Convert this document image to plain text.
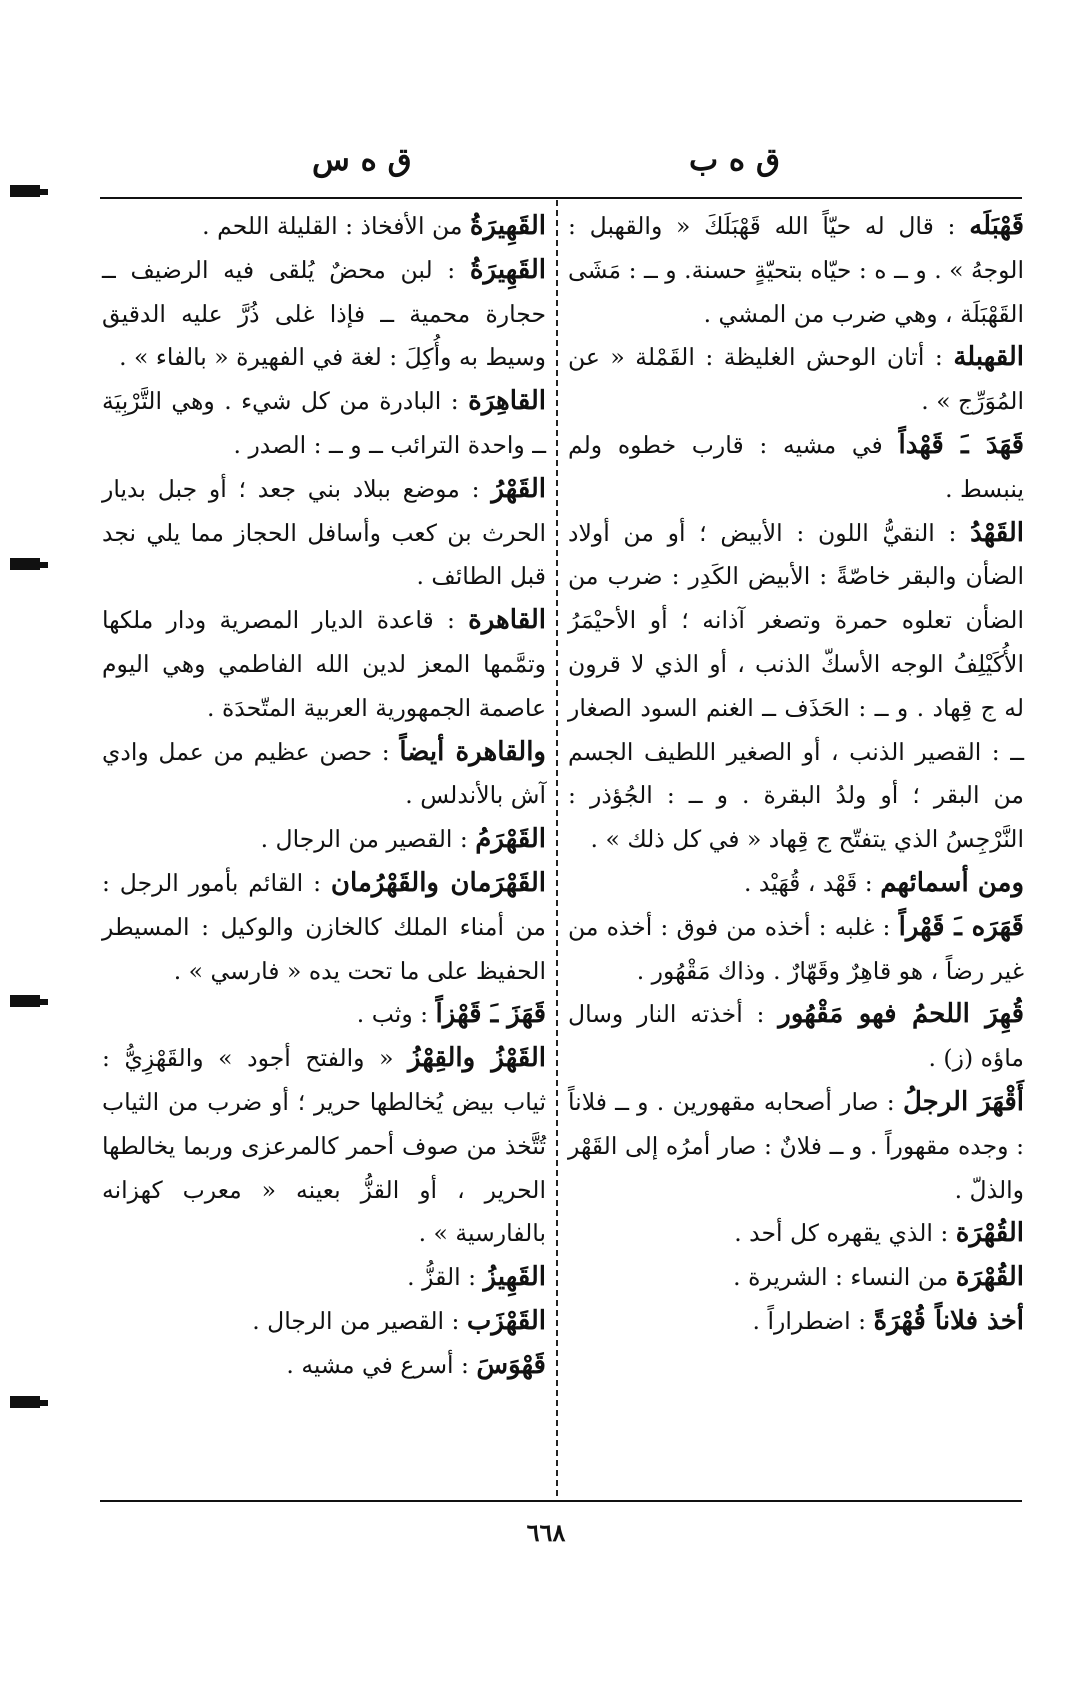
ق ه ب
ق ه س

قَهْبَلَه : قال له حيّاً الله قَهْبَلَكَ « والقهبل : الوجهُ » . و ــ ه : حيّاه بتحيّةٍ حسنة. و ــ : مَشَى القَهْبَلَة ، وهي ضرب من المشي .

القهبلة : أتان الوحش الغليظة : القَمْلة « عن المُوَرِّج » .

قَهَدَ ـَ قَهْداً في مشيه : قارب خطوه ولم ينبسط .

القَهْدُ : النقيُّ اللون : الأبيض ؛ أو من أولاد الضأن والبقر خاصّةً : الأبيض الكَدِر : ضرب من الضأن تعلوه حمرة وتصغر آذانه ؛ أو الأحيْمَرُ الأُكَيْلِفُ الوجه الأسكّ الذنب ، أو الذي لا قرون له ج قِهاد . و ــ : الحَذَف ــ الغنم السود الصغار ــ : القصير الذنب ، أو الصغير اللطيف الجسم من البقر ؛ أو ولدُ البقرة . و ــ : الجُؤذر : النَّرْجِسُ الذي يتفتّح ج قِهاد « في كل ذلك » .

ومن أسمائهم : قَهْد ، قُهَيْد .

قَهَرَه ـَ قَهْراً : غلبه : أخذه من فوق : أخذه من غير رضاً ، هو قاهِرٌ وقَهّارٌ . وذاك مَقْهُور .

قُهِرَ اللحمُ فهو مَقْهُور : أخذته النار وسال ماؤه (ز) .

أَقْهَرَ الرجلُ : صار أصحابه مقهورين . و ــ فلاناً : وجده مقهوراً . و ــ فلانٌ : صار أمرُه إلى القَهْر والذلّ .

القُهْرَة : الذي يقهره كل أحد .

القُهْرَة من النساء : الشريرة .

أخذ فلاناً قُهْرَةً : اضطراراً .

القَهِيرَةُ من الأفخاذ : القليلة اللحم .

القَهِيرَةُ : لبن محضٌ يُلقى فيه الرضيف ــ حجارة محمية ــ فإذا غلى ذُرَّ عليه الدقيق وسيط به وأُكِلَ : لغة في الفهيرة « بالفاء » .

القاهِرَة : البادرة من كل شيء . وهي التَّرْبِيَة ــ واحدة الترائب ــ و ــ : الصدر .

القَهْرُ : موضع ببلاد بني جعد ؛ أو جبل بديار الحرث بن كعب وأسافل الحجاز مما يلي نجد قبل الطائف .

القاهرة : قاعدة الديار المصرية ودار ملكها وتمَّمها المعز لدين الله الفاطمي وهي اليوم عاصمة الجمهورية العربية المتّحدَة .

والقاهرة أيضاً : حصن عظيم من عمل وادي آش بالأندلس .

القَهْرَمُ : القصير من الرجال .

القَهْرَمان والقَهْرُمان : القائم بأمور الرجل : من أمناء الملك كالخازن والوكيل : المسيطر الحفيظ على ما تحت يده « فارسي » .

قَهَزَ ـَ قَهْزاً : وثب .

القَهْزُ والقِهْزُ « والفتح أجود » والقَهْزِيُّ : ثياب بيض يُخالطها حرير ؛ أو ضرب من الثياب تُتَّخذ من صوف أحمر كالمرعزى وربما يخالطها الحرير ، أو القزُّ بعينه « معرب كهزانه بالفارسية » .

القَهِيزُ : القزُّ .

القَهْزَب : القصير من الرجال .

قَهْوَسَ : أسرع في مشيه .

٦٦٨
